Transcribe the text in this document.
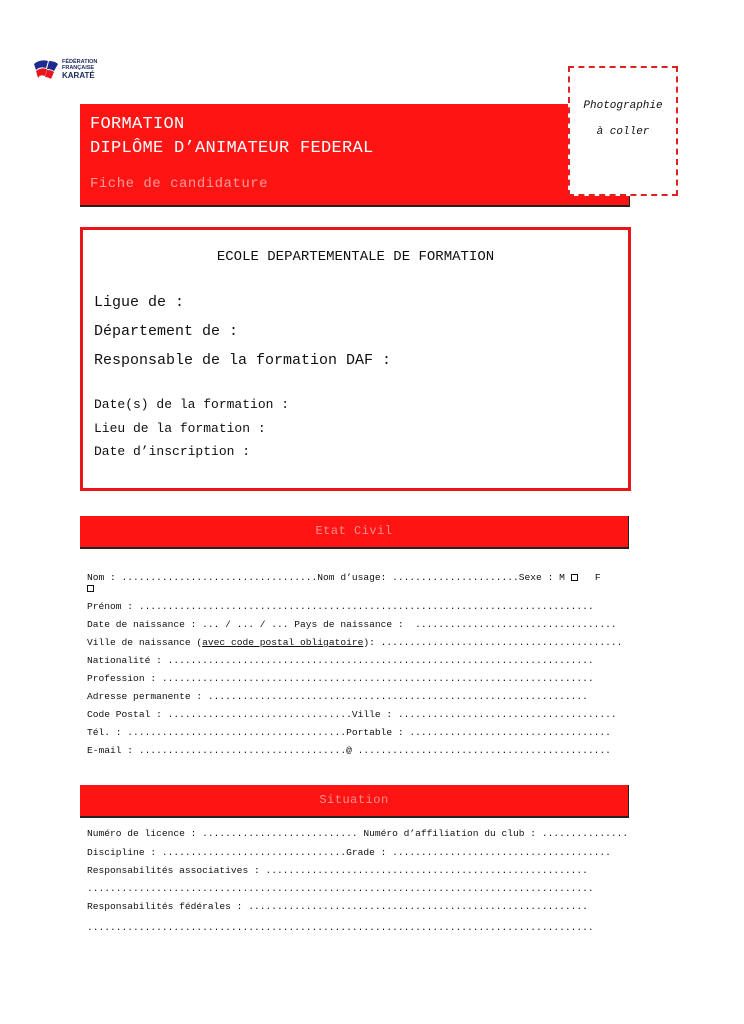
FÉDÉRATION
FRANÇAISE
KARATÉ
FORMATION
DIPLÔME D’ANIMATEUR FEDERAL
Fiche de candidature
Photographie
à coller
ECOLE DEPARTEMENTALE DE FORMATION
Ligue de :
Département de :
Responsable de la formation DAF :
Date(s) de la formation :
Lieu de la formation :
Date d’inscription :
Etat Civil
Nom : ..................................Nom d’usage: ......................Sexe : M    F
Prénom : ...............................................................................
Date de naissance : ... / ... / ... Pays de naissance :  ...................................
Ville de naissance (avec code postal obligatoire): ..........................................
Nationalité : ..........................................................................
Profession : ...........................................................................
Adresse permanente : ..................................................................
Code Postal : ................................Ville : ......................................
Tél. : ......................................Portable : ...................................
E-mail : ....................................@ ............................................
Situation
Numéro de licence : ........................... Numéro d’affiliation du club : ...............
Discipline : ................................Grade : ......................................
Responsabilités associatives : ........................................................
........................................................................................
Responsabilités fédérales : ...........................................................
........................................................................................
